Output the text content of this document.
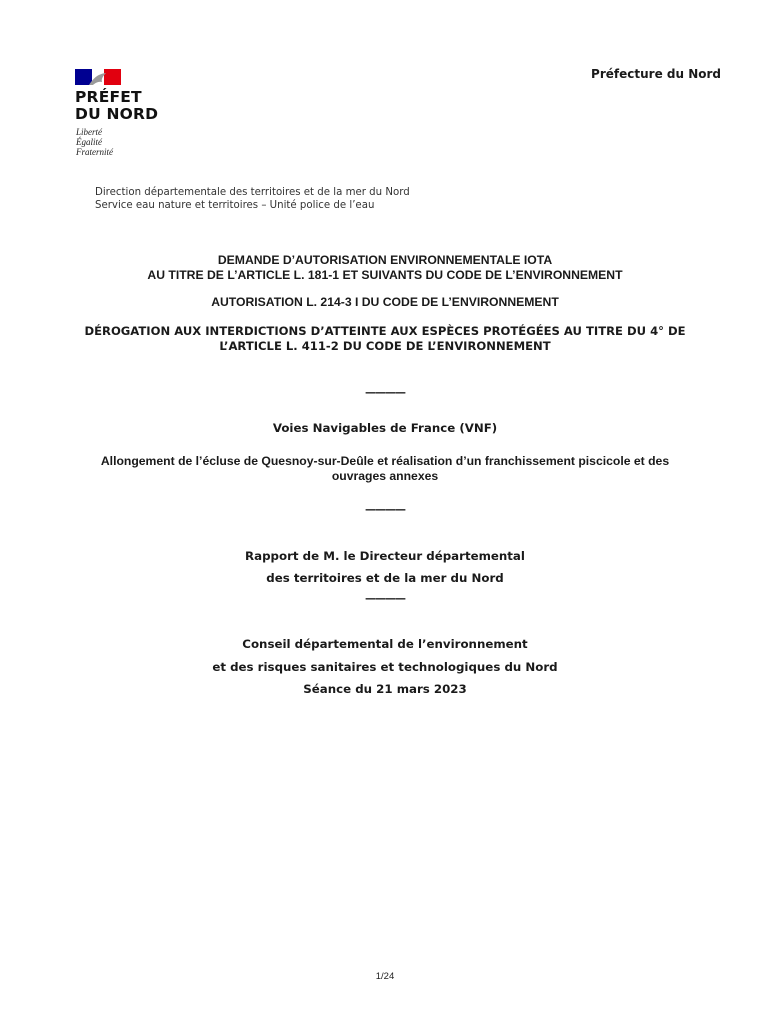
PRÉFET
DU NORD
Liberté
Égalité
Fraternité
Préfecture du Nord
Direction départementale des territoires et de la mer du Nord
Service eau nature et territoires – Unité police de l’eau
DEMANDE D’AUTORISATION ENVIRONNEMENTALE IOTA
AU TITRE DE L’ARTICLE L. 181-1 ET SUIVANTS DU CODE DE L’ENVIRONNEMENT
AUTORISATION L. 214-3 I DU CODE DE L’ENVIRONNEMENT
DÉROGATION AUX INTERDICTIONS D’ATTEINTE AUX ESPÈCES PROTÉGÉES AU TITRE DU 4° DE
L’ARTICLE L. 411-2 DU CODE DE L’ENVIRONNEMENT
————
Voies Navigables de France (VNF)
Allongement de l’écluse de Quesnoy-sur-Deûle et réalisation d’un franchissement piscicole et des
ouvrages annexes
————
Rapport de M. le Directeur départemental
des territoires et de la mer du Nord
————
Conseil départemental de l’environnement
et des risques sanitaires et technologiques du Nord
Séance du 21 mars 2023
1/24
